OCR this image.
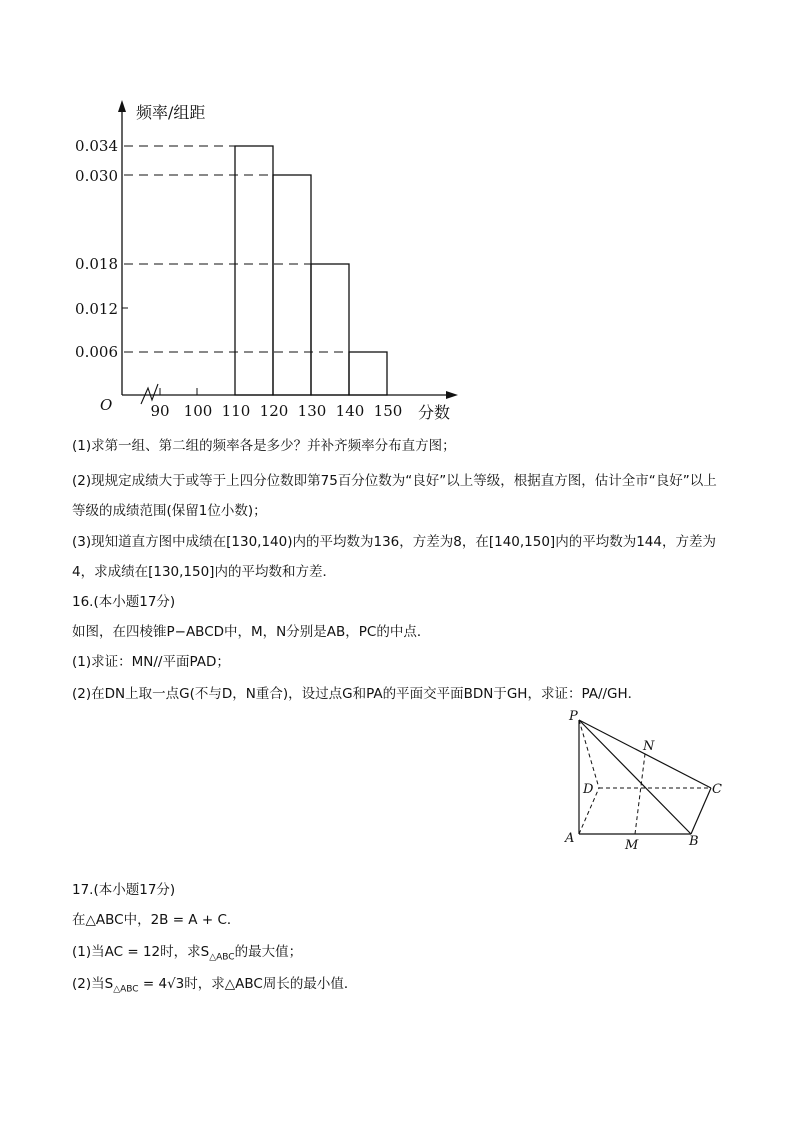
频率/组距
分数
O
0.034
0.030
0.018
0.012
0.006
90 100 110 120 130 140 150
(1)求第一组、第二组的频率各是多少？并补齐频率分布直方图；
(2)现规定成绩大于或等于上四分位数即第75百分位数为“良好”以上等级，根据直方图，估计全市“良好”以上等级的成绩范围(保留1位小数)；
(3)现知道直方图中成绩在[130,140)内的平均数为136，方差为8，在[140,150]内的平均数为144，方差为4，求成绩在[130,150]内的平均数和方差．
16.(本小题17分)
如图，在四棱锥P−ABCD中，M，N分别是AB，PC的中点．
(1)求证：MN//平面PAD；
(2)在DN上取一点G(不与D，N重合)，设过点G和PA的平面交平面BDN于GH，求证：PA//GH．
P
N
D	C
A	M	B
17.(本小题17分)
在△ABC中，2B = A + C．
(1)当AC = 12时，求$S_{\triangle ABC}$的最大值；
(2)当$S_{\triangle ABC} = 4√3$时，求△ABC周长的最小值．
